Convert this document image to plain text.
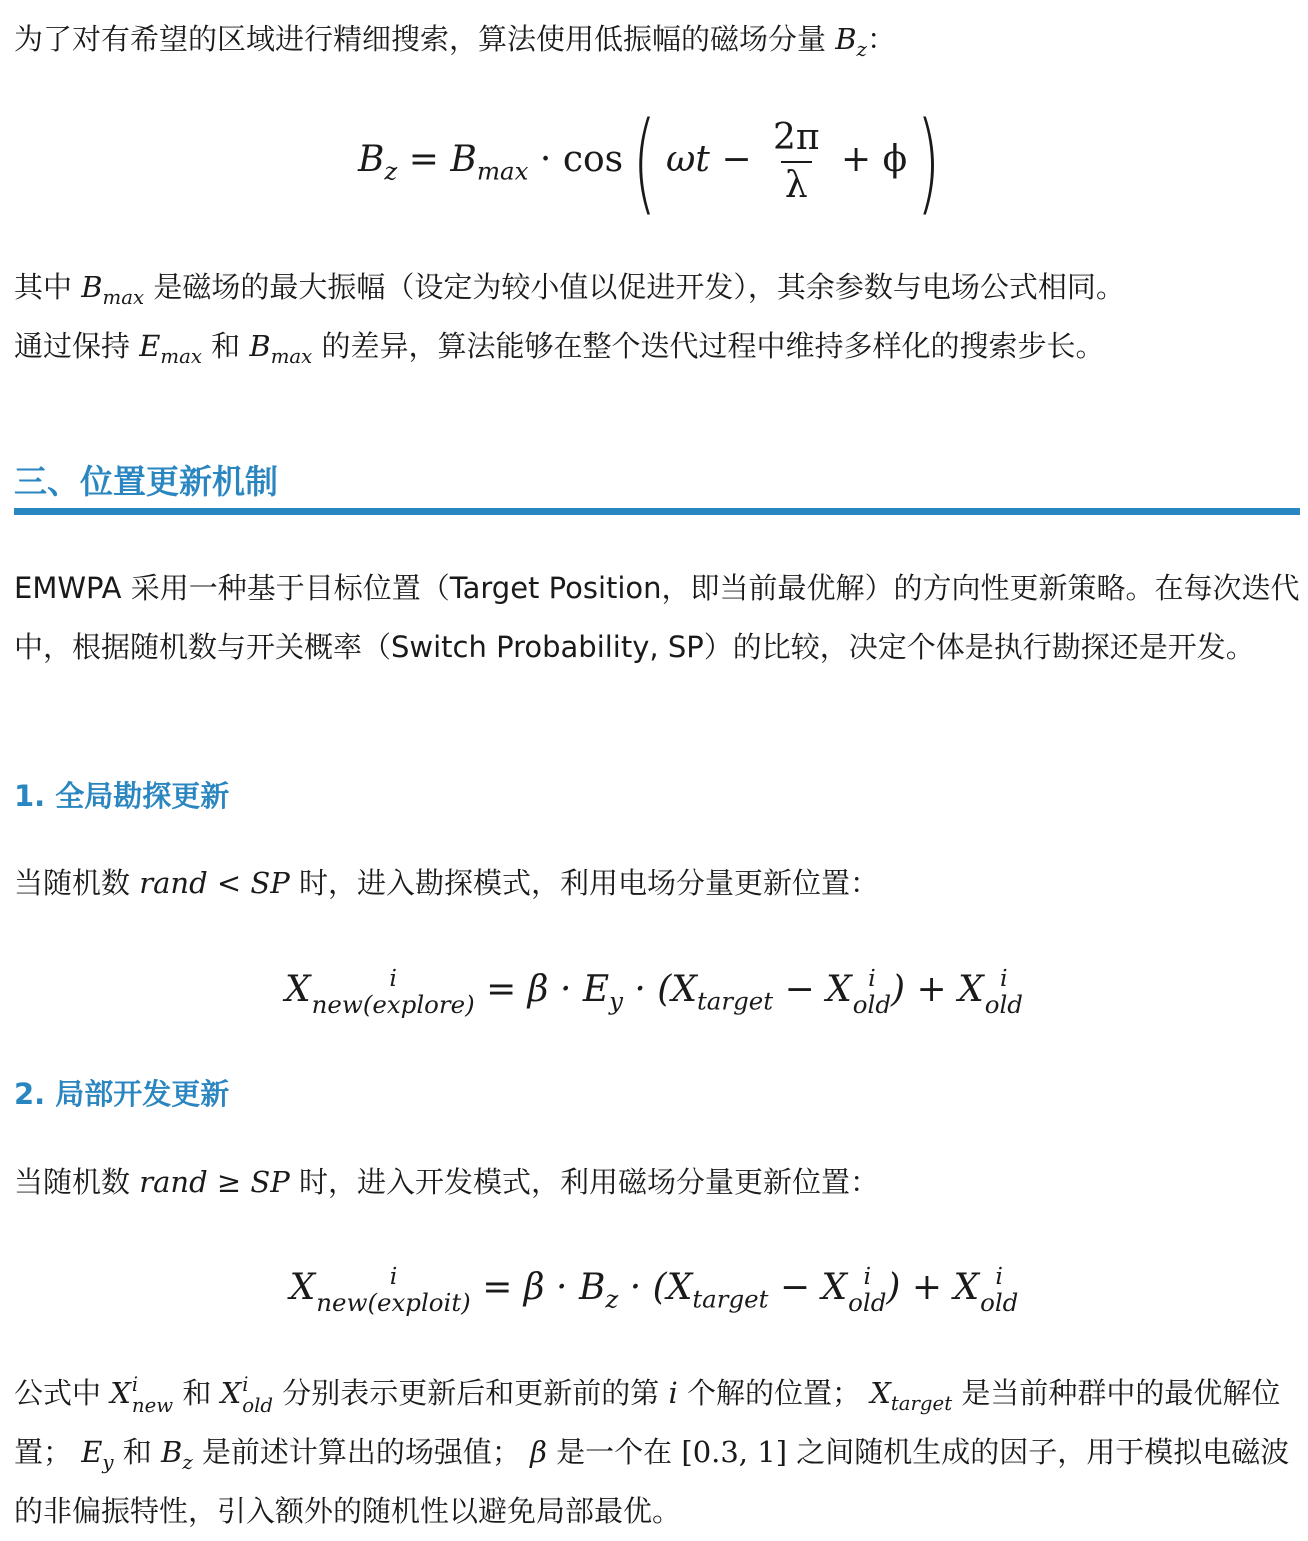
为了对有希望的区域进行精细搜索，算法使用低振幅的磁场分量 $B_z$：

$B_z = B_{max} \cdot \cos$( $\omega t - \frac{2\pi}{\lambda} + \phi$)

其中 $B_{max}$ 是磁场的最大振幅（设定为较小值以促进开发），其余参数与电场公式相同。
通过保持 $E_{max}$ 和 $B_{max}$ 的差异，算法能够在整个迭代过程中维持多样化的搜索步长。

三、位置更新机制

EMWPA 采用一种基于目标位置（Target Position，即当前最优解）的方向性更新策略。在每次迭代中，根据随机数与开关概率（Switch Probability, SP）的比较，决定个体是执行勘探还是开发。

1. 全局勘探更新

当随机数 rand < SP 时，进入勘探模式，利用电场分量更新位置：

X	i
new(explore) = $\beta \cdot E_y \cdot (X_{target} - X$ i
old ) + X i
old
2. 局部开发更新

当随机数 rand ≥ SP 时，进入开发模式，利用磁场分量更新位置：

X	i
new(exploit) = $\beta \cdot B_z \cdot (X_{target} - X$ i
old ) + X i
old

公式中 X i
new 和 X i
old 分别表示更新后和更新前的第 i 个解的位置； $X_{target}$ 是当前种群中的最优解位置； $E_y$ 和 $B_z$ 是前述计算出的场强值； β 是一个在 [0.3, 1] 之间随机生成的因子，用于模拟电磁波的非偏振特性，引入额外的随机性以避免局部最优。
